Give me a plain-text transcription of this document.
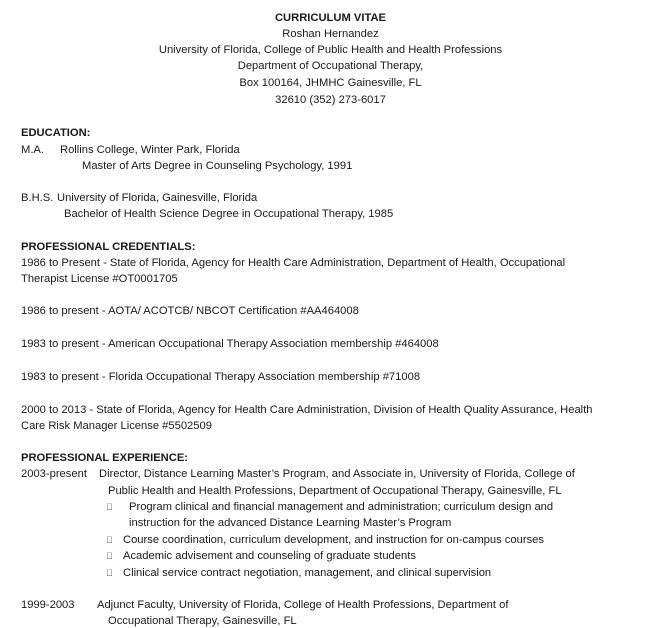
CURRICULUM VITAE
Roshan Hernandez
University of Florida, College of Public Health and Health Professions
Department of Occupational Therapy,
Box 100164, JHMHC Gainesville, FL
32610 (352) 273-6017
EDUCATION:
M.A. Rollins College, Winter Park, Florida
Master of Arts Degree in Counseling Psychology, 1991
B.H.S. University of Florida, Gainesville, Florida
Bachelor of Health Science Degree in Occupational Therapy, 1985
PROFESSIONAL CREDENTIALS:
1986 to Present - State of Florida, Agency for Health Care Administration, Department of Health, Occupational
Therapist License #OT0001705
1986 to present - AOTA/ ACOTCB/ NBCOT Certification #AA464008
1983 to present - American Occupational Therapy Association membership #464008
1983 to present - Florida Occupational Therapy Association membership #71008
2000 to 2013 - State of Florida, Agency for Health Care Administration, Division of Health Quality Assurance, Health
Care Risk Manager License #5502509
PROFESSIONAL EXPERIENCE:
2003-present Director, Distance Learning Master’s Program, and Associate in, University of Florida, College of
Public Health and Health Professions, Department of Occupational Therapy, Gainesville, FL
Program clinical and financial management and administration; curriculum design and
instruction for the advanced Distance Learning Master’s Program
Course coordination, curriculum development, and instruction for on-campus courses
Academic advisement and counseling of graduate students
Clinical service contract negotiation, management, and clinical supervision
1999-2003 Adjunct Faculty, University of Florida, College of Health Professions, Department of
Occupational Therapy, Gainesville, FL
